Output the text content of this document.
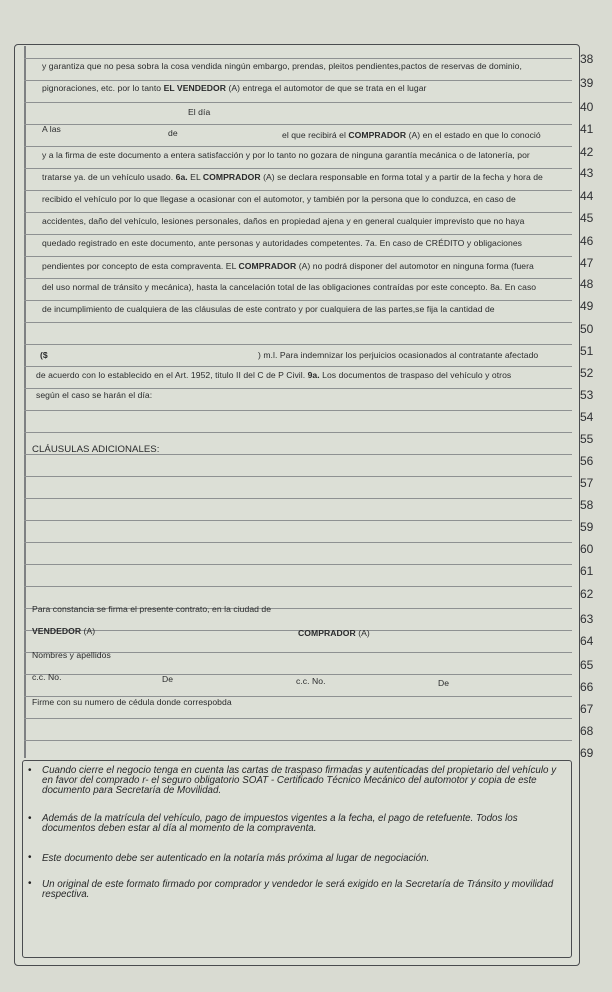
38
39
40
41
42
43
44
45
46
47
48
49
50
51
52
53
54
55
56
57
58
59
60
61
62
63
64
65
66
67
68
69
y garantiza que no pesa sobra la cosa vendida ningún embargo, prendas, pleitos pendientes,pactos de reservas de dominio,
pignoraciones, etc. por lo tanto EL VENDEDOR (A) entrega el automotor de que se trata en el lugar
El día
A las	de	el que recibirá el COMPRADOR (A) en el estado en que lo conoció
y a la firma de este documento a entera satisfacción y por lo tanto no gozara de ninguna garantía mecánica o de latonería, por
tratarse ya. de un vehículo usado. 6a. EL COMPRADOR (A) se declara responsable en forma total y a partir de la fecha y hora de
recibido el vehículo por lo que llegase a ocasionar con el automotor, y también por la persona que lo conduzca, en caso de
accidentes, daño del vehículo, lesiones personales, daños en propiedad ajena y en general cualquier imprevisto que no haya
quedado registrado en este documento, ante personas y autoridades competentes. 7a. En caso de CRÉDITO y obligaciones
pendientes por concepto de esta compraventa. EL COMPRADOR (A) no podrá disponer del automotor en ninguna forma (fuera
del uso normal de tránsito y mecánica), hasta la cancelación total de las obligaciones contraídas por este concepto. 8a. En caso
de incumplimiento de cualquiera de las cláusulas de este contrato y por cualquiera de las partes,se fija la cantidad de
($	) m.l. Para indemnizar los perjuicios ocasionados al contratante afectado
de acuerdo con lo establecido en el Art. 1952, titulo II del C de P Civil. 9a. Los documentos de traspaso del vehículo y otros
según el caso se harán el día:
CLÁUSULAS ADICIONALES:
Para constancia se firma el presente contrato, en la ciudad de
VENDEDOR (A)	COMPRADOR (A)
Nombres y apellidos
c.c. No.	De	c.c. No.	De
Firme con su numero de cédula donde correspobda
• Cuando cierre el negocio tenga en cuenta las cartas de traspaso firmadas y autenticadas del propietario del vehículo y en favor del comprado r- el seguro obligatorio SOAT - Certificado Técnico Mecánico del automotor y copia de este documento para Secretaría de Movilidad.
• Además de la matrícula del vehículo, pago de impuestos vigentes a la fecha, el pago de retefuente. Todos los documentos deben estar al día al momento de la compraventa.
• Este documento debe ser autenticado en la notaría más próxima al lugar de negociación.
• Un original de este formato firmado por comprador y vendedor le será exigido en la Secretaría de Tránsito y movilidad respectiva.
